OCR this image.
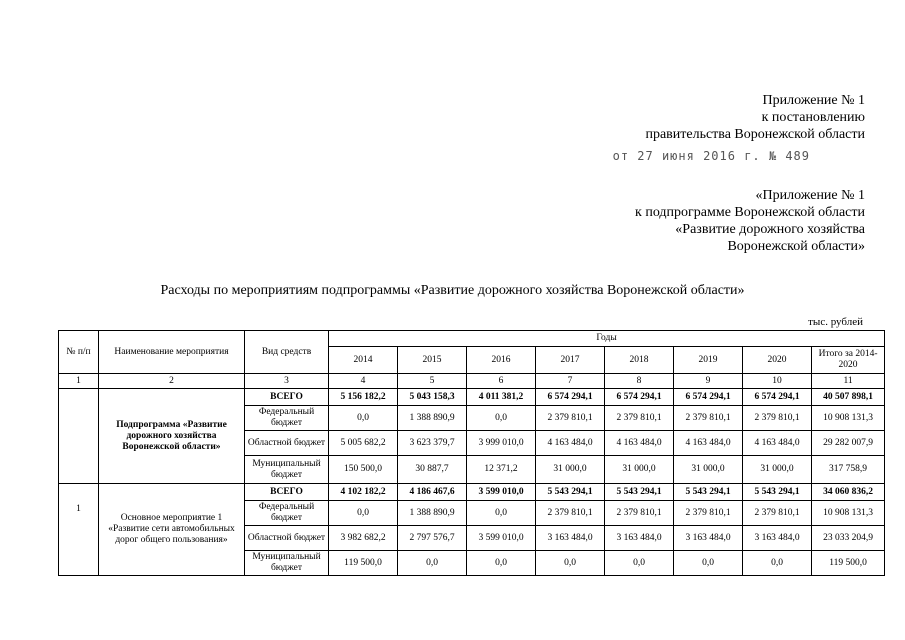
Приложение № 1
к постановлению
правительства Воронежской области
от 27 июня 2016 г. № 489
«Приложение № 1
к подпрограмме Воронежской области
«Развитие дорожного хозяйства
Воронежской области»
Расходы по мероприятиям подпрограммы «Развитие дорожного хозяйства Воронежской области»
тыс. рублей
№ п/п	Наименование мероприятия	Вид средств	Годы							
			2014	2015	2016	2017	2018	2019	2020	Итого за 2014-2020
1	2	3	4	5	6	7	8	9	10	11
	Подпрограмма «Развитие дорожного хозяйства Воронежской области»	ВСЕГО	5 156 182,2	5 043 158,3	4 011 381,2	6 574 294,1	6 574 294,1	6 574 294,1	6 574 294,1	40 507 898,1
		Федеральный бюджет	0,0	1 388 890,9	0,0	2 379 810,1	2 379 810,1	2 379 810,1	2 379 810,1	10 908 131,3
		Областной бюджет	5 005 682,2	3 623 379,7	3 999 010,0	4 163 484,0	4 163 484,0	4 163 484,0	4 163 484,0	29 282 007,9
		Муниципальный бюджет	150 500,0	30 887,7	12 371,2	31 000,0	31 000,0	31 000,0	31 000,0	317 758,9
1	Основное мероприятие 1 «Развитие сети автомобильных дорог общего пользования»	ВСЕГО	4 102 182,2	4 186 467,6	3 599 010,0	5 543 294,1	5 543 294,1	5 543 294,1	5 543 294,1	34 060 836,2
		Федеральный бюджет	0,0	1 388 890,9	0,0	2 379 810,1	2 379 810,1	2 379 810,1	2 379 810,1	10 908 131,3
		Областной бюджет	3 982 682,2	2 797 576,7	3 599 010,0	3 163 484,0	3 163 484,0	3 163 484,0	3 163 484,0	23 033 204,9
		Муниципальный бюджет	119 500,0	0,0	0,0	0,0	0,0	0,0	0,0	119 500,0
